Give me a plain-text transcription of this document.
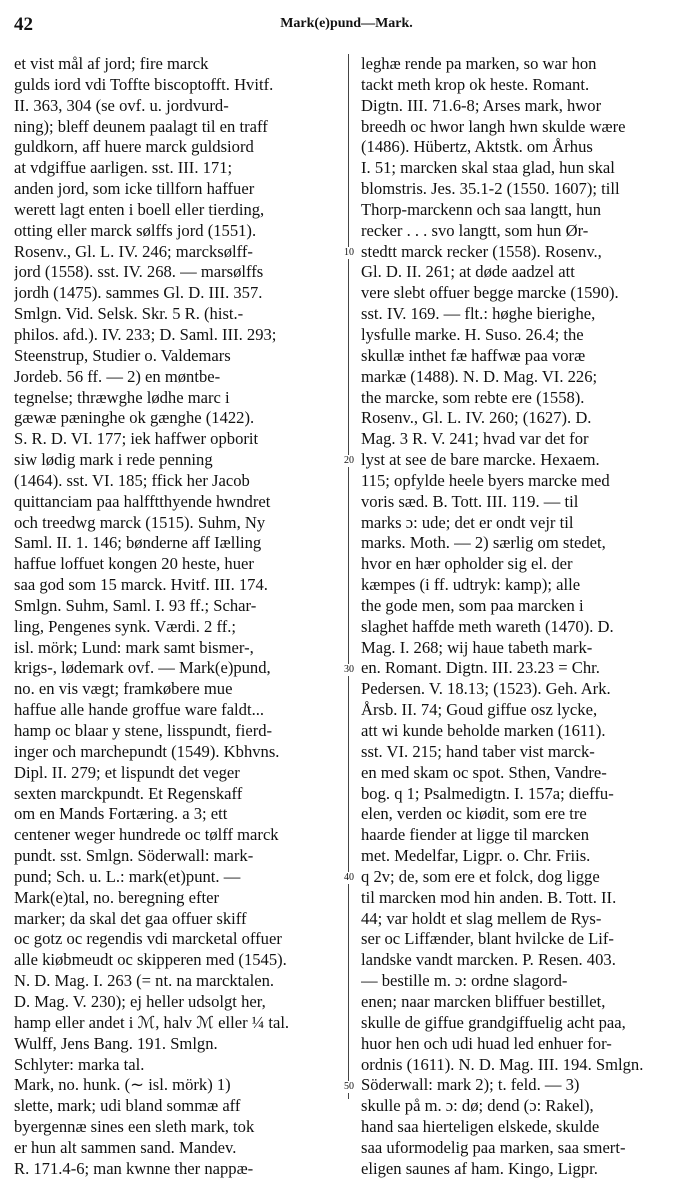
42	Mark(e)pund—Mark.
et vist mål af jord; fire marck
gulds iord vdi Toffte biscoptofft. Hvitf.
II. 363, 304 (se ovf. u. jordvurd-
ning); bleff deunem paalagt til en traff
guldkorn, aff huere marck guldsiord
at vdgiffue aarligen. sst. III. 171;
anden jord, som icke tillforn haffuer
werett lagt enten i boell eller tierding,
otting eller marck sølffs jord (1551).
Rosenv., Gl. L. IV. 246; marcksølff-
jord (1558). sst. IV. 268. — marsølffs
jordh (1475). sammes Gl. D. III. 357.
Smlgn. Vid. Selsk. Skr. 5 R. (hist.-
philos. afd.). IV. 233; D. Saml. III. 293;
Steenstrup, Studier o. Valdemars
Jordeb. 56 ff. — 2) en møntbe-
tegnelse; thræwghe lødhe marc i
gæwæ pæninghe ok gænghe (1422).
S. R. D. VI. 177; iek haffwer opborit
siw lødig mark i rede penning
(1464). sst. VI. 185; ffick her Jacob
quittanciam paa halfftthyende hwndret
och treedwg marck (1515). Suhm, Ny
Saml. II. 1. 146; bønderne aff Iælling
haffue loffuet kongen 20 heste, huer
saa god som 15 marck. Hvitf. III. 174.
Smlgn. Suhm, Saml. I. 93 ff.; Schar-
ling, Pengenes synk. Værdi. 2 ff.;
isl. mörk; Lund: mark samt bismer-,
krigs-, lødemark ovf. — Mark(e)pund,
no. en vis vægt; framkøbere mue
haffue alle hande groffue ware faldt...
hamp oc blaar y stene, lisspundt, fierd-
inger och marchepundt (1549). Kbhvns.
Dipl. II. 279; et lispundt det veger
sexten marckpundt. Et Regenskaff
om en Mands Fortæring. a 3; ett
centener weger hundrede oc tølff marck
pundt. sst. Smlgn. Söderwall: mark-
pund; Sch. u. L.: mark(et)punt. —
Mark(e)tal, no. beregning efter
marker; da skal det gaa offuer skiff
oc gotz oc regendis vdi marcketal offuer
alle kiøbmeudt oc skipperen med (1545).
N. D. Mag. I. 263 (= nt. na marcktalen.
D. Mag. V. 230); ej heller udsolgt her,
hamp eller andet i ℳ, halv ℳ eller ¼ tal.
Wulff, Jens Bang. 191. Smlgn.
Schlyter: marka tal.
Mark, no. hunk. (∼ isl. mörk) 1)
slette, mark; udi bland sommæ aff
byergennæ sines een sleth mark, tok
er hun alt sammen sand. Mandev.
R. 171.4-6; man kwnne ther nappæ-
10
20
30
40
50
leghæ rende pa marken, so war hon
tackt meth krop ok heste. Romant.
Digtn. III. 71.6-8; Arses mark, hwor
breedh oc hwor langh hwn skulde wære
(1486). Hübertz, Aktstk. om Århus
I. 51; marcken skal staa glad, hun skal
blomstris. Jes. 35.1-2 (1550. 1607); till
Thorp-marckenn och saa langtt, hun
recker . . . svo langtt, som hun Ør-
stedtt marck recker (1558). Rosenv.,
Gl. D. II. 261; at døde aadzel att
vere slebt offuer begge marcke (1590).
sst. IV. 169. — flt.: høghe bierighe,
lysfulle marke. H. Suso. 26.4; the
skullæ inthet fæ haffwæ paa voræ
markæ (1488). N. D. Mag. VI. 226;
the marcke, som rebte ere (1558).
Rosenv., Gl. L. IV. 260; (1627). D.
Mag. 3 R. V. 241; hvad var det for
lyst at see de bare marcke. Hexaem.
115; opfylde heele byers marcke med
voris sæd. B. Tott. III. 119. — til
marks ɔ: ude; det er ondt vejr til
marks. Moth. — 2) særlig om stedet,
hvor en hær opholder sig el. der
kæmpes (i ff. udtryk: kamp); alle
the gode men, som paa marcken i
slaghet haffde meth wareth (1470). D.
Mag. I. 268; wij haue tabeth mark-
en. Romant. Digtn. III. 23.23 = Chr.
Pedersen. V. 18.13; (1523). Geh. Ark.
Årsb. II. 74; Goud giffue osz lycke,
att wi kunde beholde marken (1611).
sst. VI. 215; hand taber vist marck-
en med skam oc spot. Sthen, Vandre-
bog. q 1; Psalmedigtn. I. 157a; dieffu-
elen, verden oc kiødit, som ere tre
haarde fiender at ligge til marcken
met. Medelfar, Ligpr. o. Chr. Friis.
q 2v; de, som ere et folck, dog ligge
til marcken mod hin anden. B. Tott. II.
44; var holdt et slag mellem de Rys-
ser oc Liffænder, blant hvilcke de Lif-
landske vandt marcken. P. Resen. 403.
— bestille m. ɔ: ordne slagord-
enen; naar marcken bliffuer bestillet,
skulle de giffue grandgiffuelig acht paa,
huor hen och udi huad led enhuer for-
ordnis (1611). N. D. Mag. III. 194. Smlgn.
Söderwall: mark 2); t. feld. — 3)
skulle på m. ɔ: dø; dend (ɔ: Rakel),
hand saa hierteligen elskede, skulde
saa uformodelig paa marken, saa smert-
eligen saunes af ham. Kingo, Ligpr.
